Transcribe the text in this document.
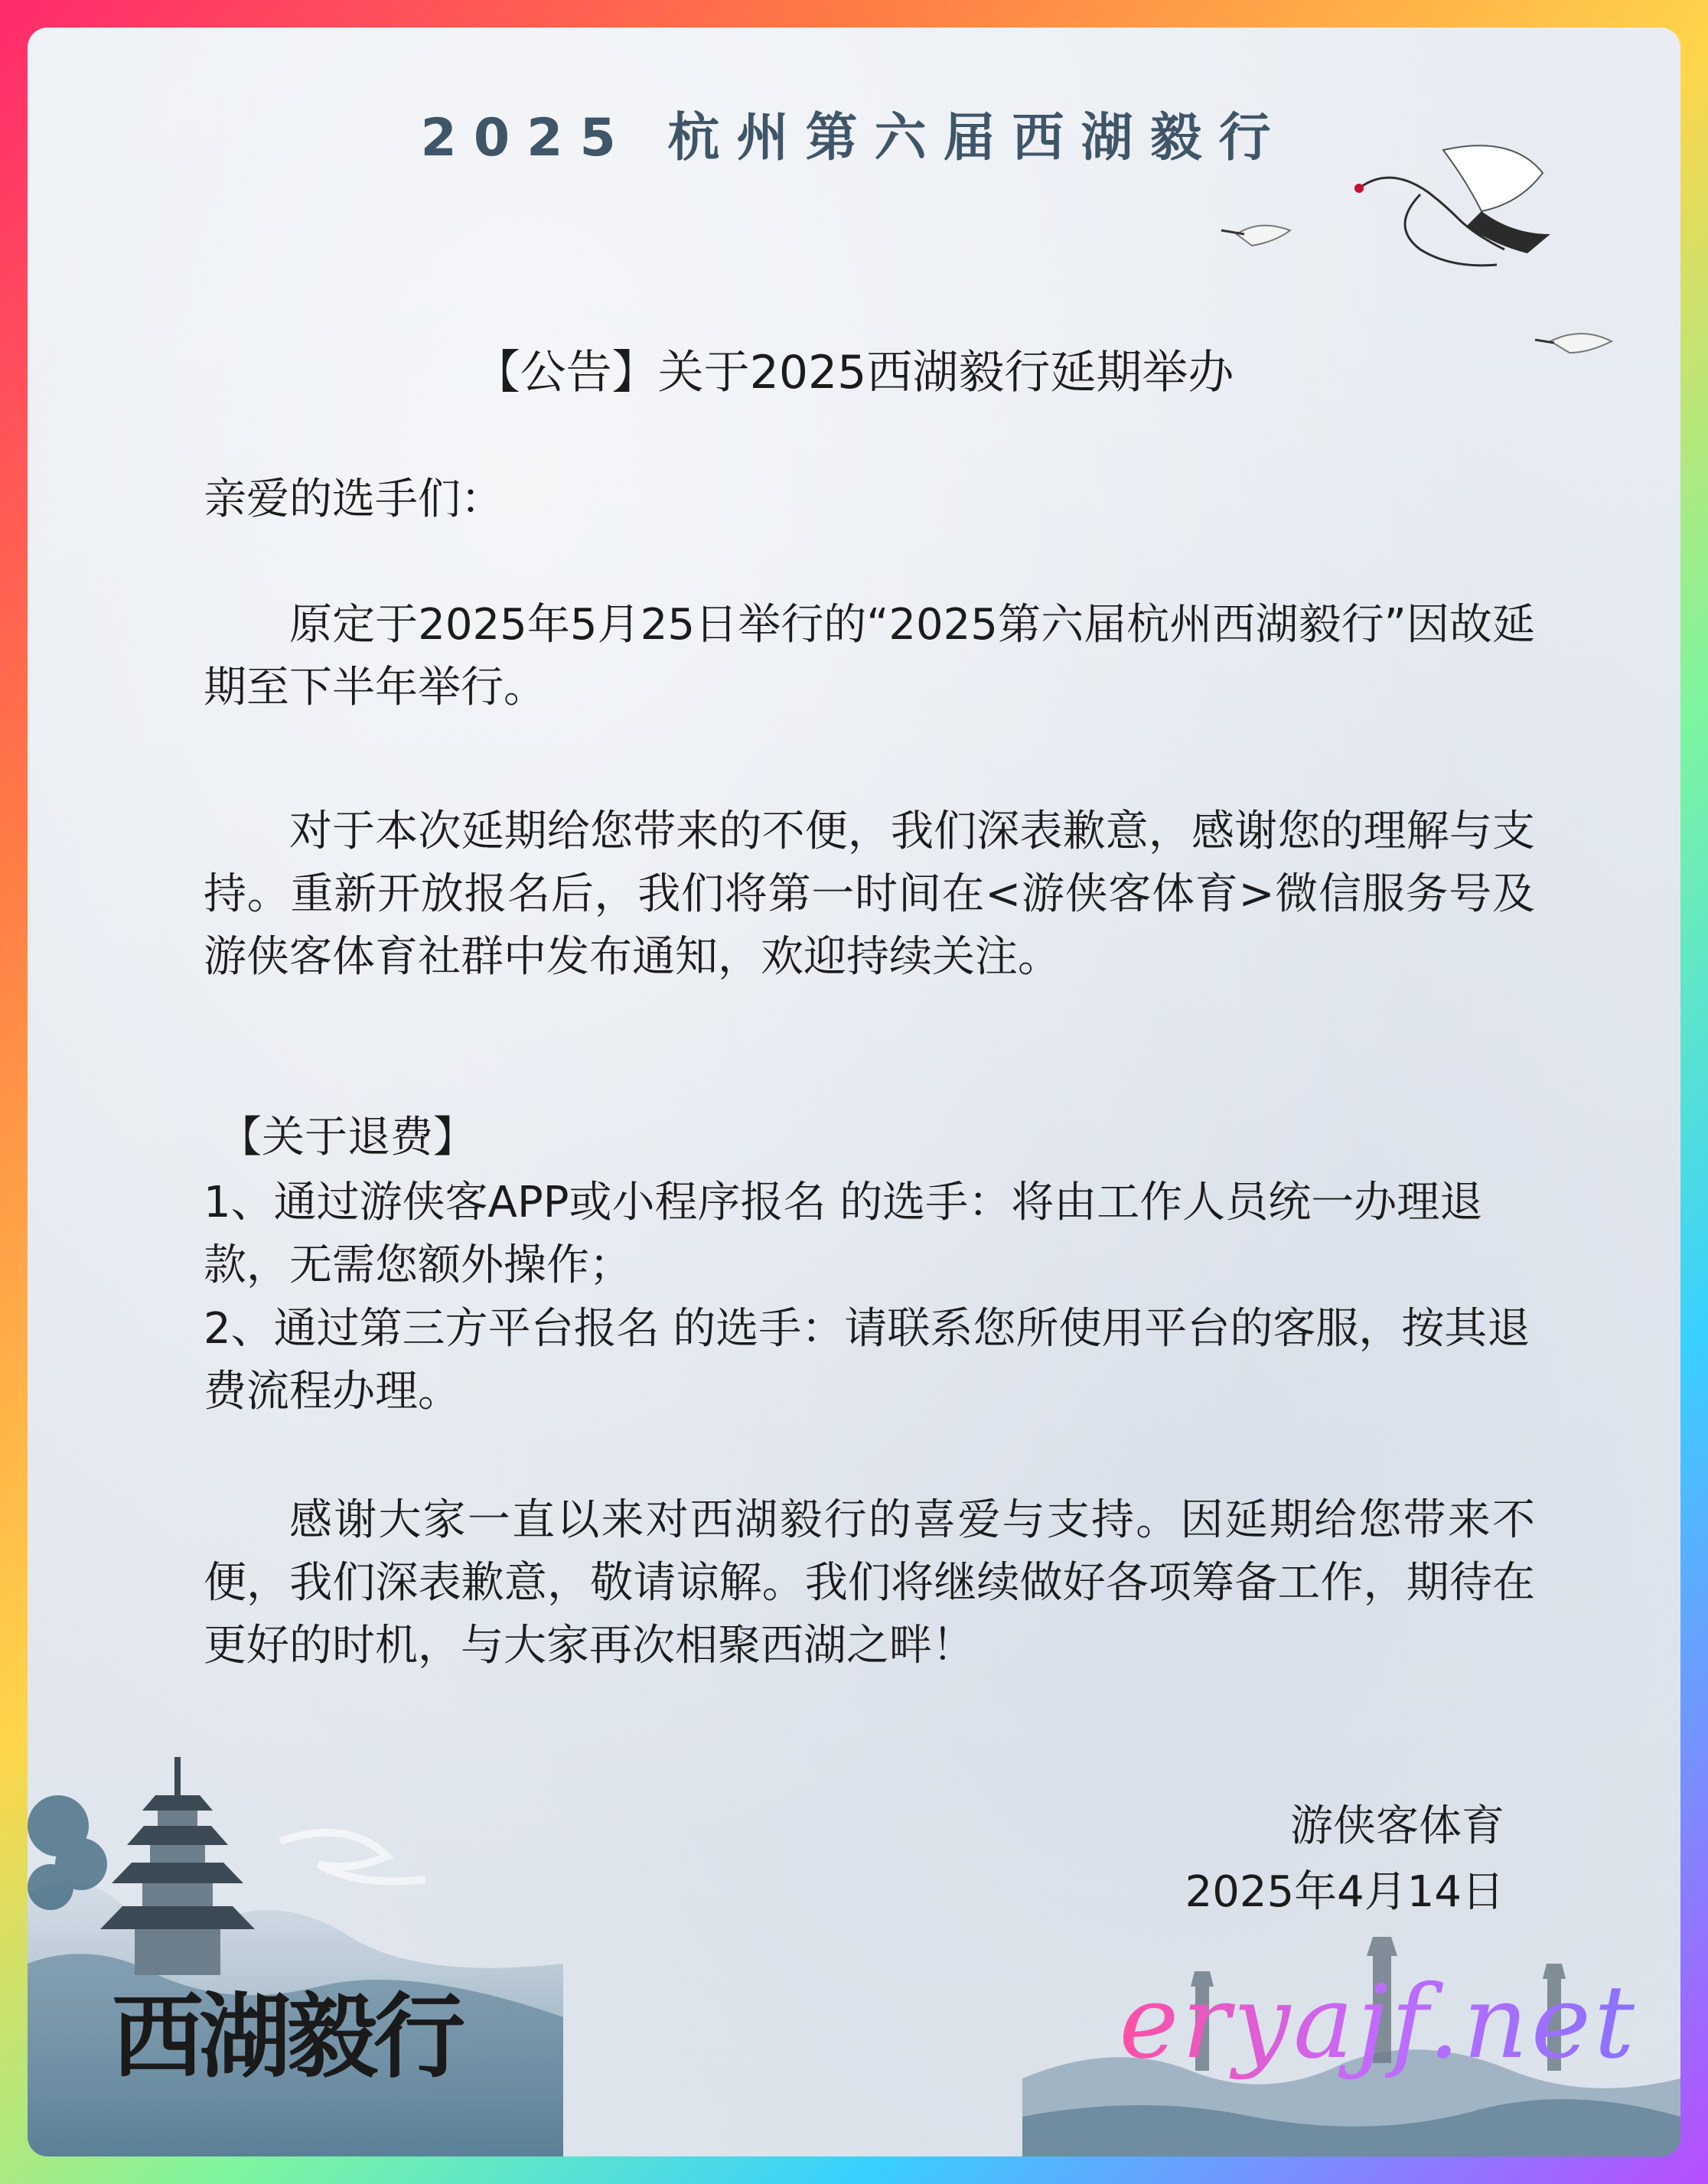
2025 杭州第六届西湖毅行
【公告】关于2025西湖毅行延期举办
亲爱的选手们：
原定于2025年5月25日举行的“2025第六届杭州西湖毅行”因故延期至下半年举行。
对于本次延期给您带来的不便，我们深表歉意，感谢您的理解与支持。重新开放报名后，我们将第一时间在<游侠客体育>微信服务号及游侠客体育社群中发布通知，欢迎持续关注。
【关于退费】
1、通过游侠客APP或小程序报名 的选手：将由工作人员统一办理退款，无需您额外操作；
2、通过第三方平台报名 的选手：请联系您所使用平台的客服，按其退费流程办理。
感谢大家一直以来对西湖毅行的喜爱与支持。因延期给您带来不便，我们深表歉意，敬请谅解。我们将继续做好各项筹备工作，期待在更好的时机，与大家再次相聚西湖之畔！
游侠客体育
2025年4月14日
西湖毅行	eryajf.net
